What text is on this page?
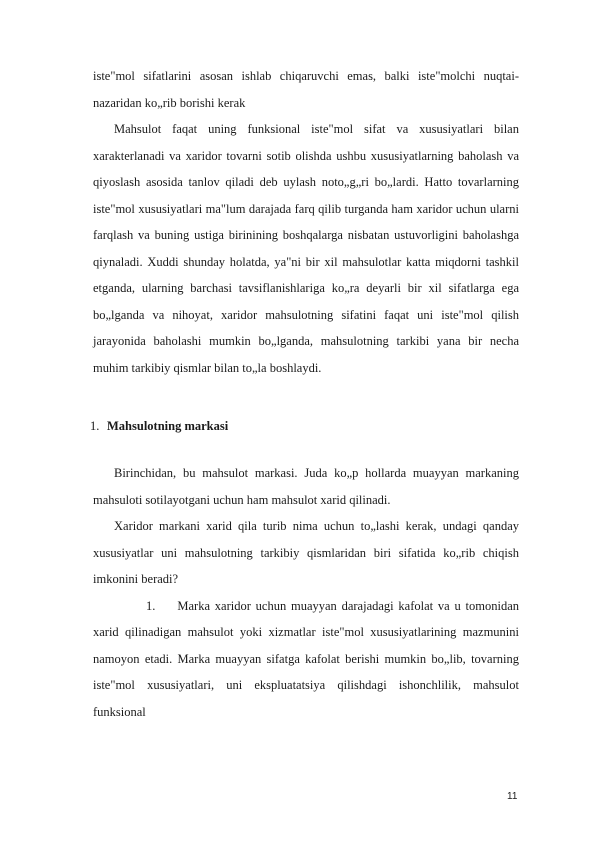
iste"mol sifatlarini asosan ishlab chiqaruvchi emas, balki iste"molchi nuqtai-nazaridan ko„rib borishi kerak

Mahsulot faqat uning funksional iste"mol sifat va xususiyatlari bilan xarakterlanadi va xaridor tovarni sotib olishda ushbu xususiyatlarning baholash va qiyoslash asosida tanlov qiladi deb uylash noto„g„ri bo„lardi. Hatto tovarlarning iste"mol xususiyatlari ma"lum darajada farq qilib turganda ham xaridor uchun ularni farqlash va buning ustiga birinining boshqalarga nisbatan ustuvorligini baholashga qiynaladi. Xuddi shunday holatda, ya"ni bir xil mahsulotlar katta miqdorni tashkil etganda, ularning barchasi tavsiflanishlariga ko„ra deyarli bir xil sifatlarga ega bo„lganda va nihoyat, xaridor mahsulotning sifatini faqat uni iste"mol qilish jarayonida baholashi mumkin bo„lganda, mahsulotning tarkibi yana bir necha muhim tarkibiy qismlar bilan to„la boshlaydi.

1. Mahsulotning markasi

Birinchidan, bu mahsulot markasi. Juda ko„p hollarda muayyan markaning mahsuloti sotilayotgani uchun ham mahsulot xarid qilinadi.

Xaridor markani xarid qila turib nima uchun to„lashi kerak, undagi qanday xususiyatlar uni mahsulotning tarkibiy qismlaridan biri sifatida ko„rib chiqish imkonini beradi?

1. Marka xaridor uchun muayyan darajadagi kafolat va u tomonidan xarid qilinadigan mahsulot yoki xizmatlar iste"mol xususiyatlarining mazmunini namoyon etadi. Marka muayyan sifatga kafolat berishi mumkin bo„lib, tovarning iste"mol xususiyatlari, uni ekspluatatsiya qilishdagi ishonchlilik, mahsulot funksional

11
